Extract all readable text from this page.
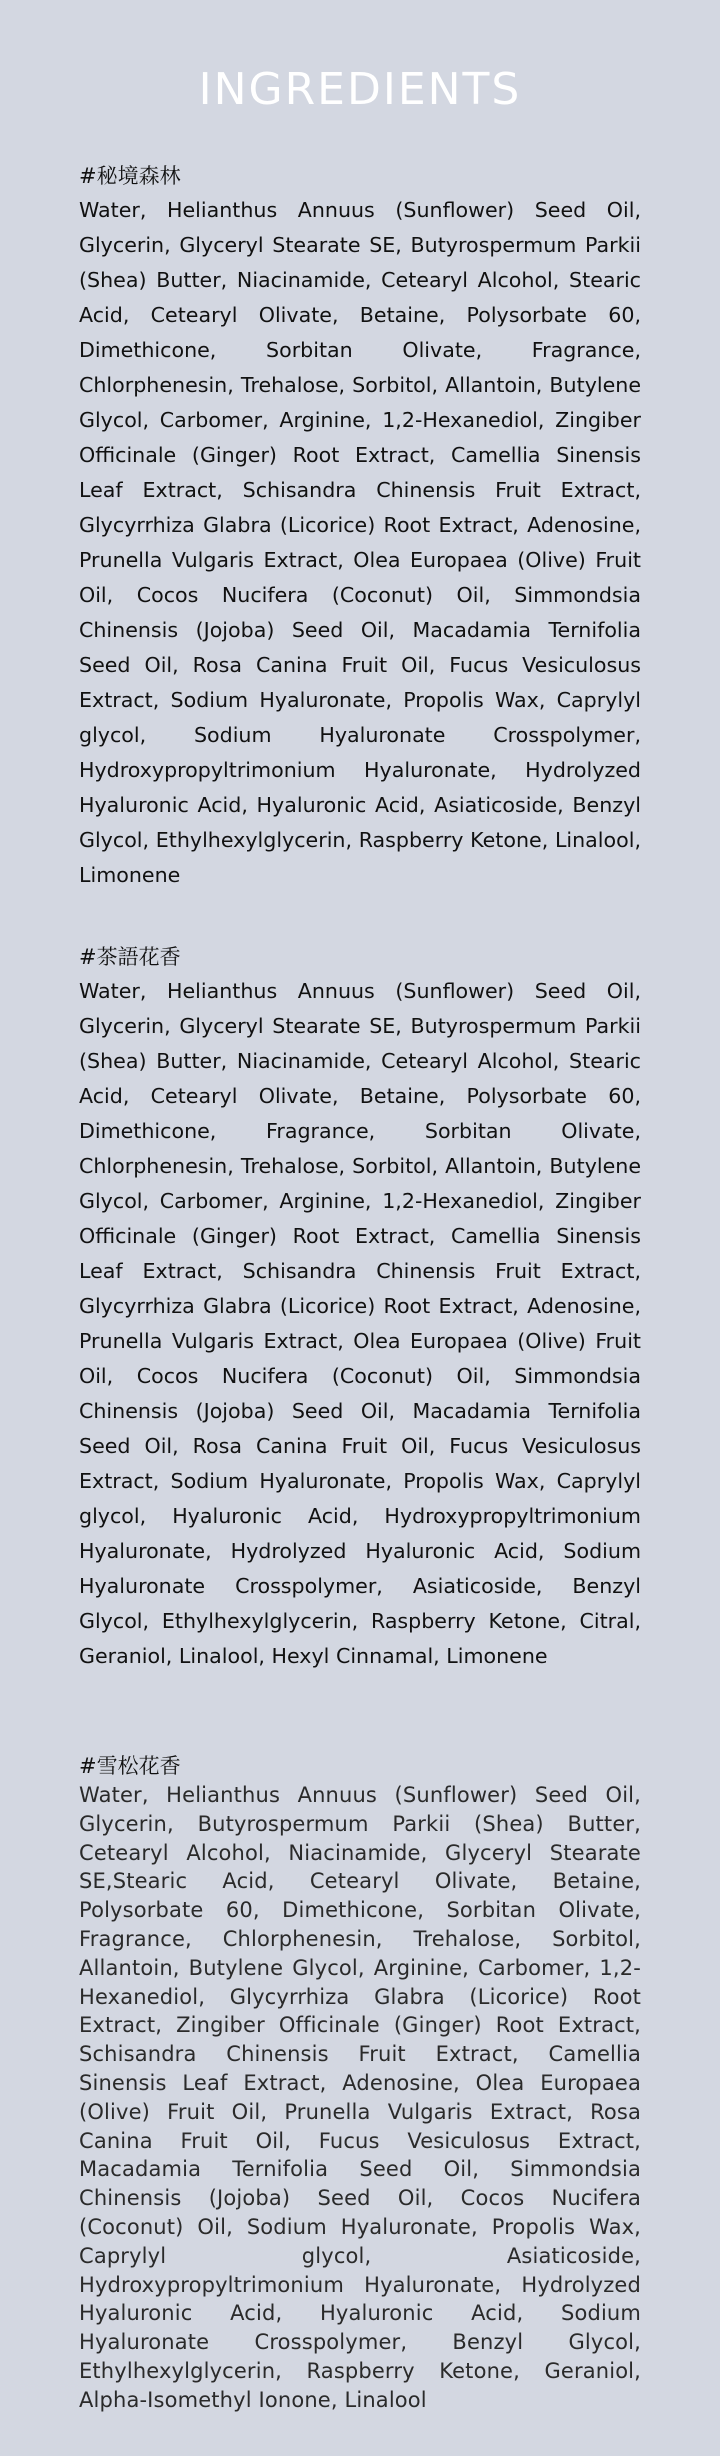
INGREDIENTS

#秘境森林

Water, Helianthus Annuus (Sunflower) Seed Oil, Glycerin, Glyceryl Stearate SE, Butyrospermum Parkii (Shea) Butter, Niacinamide, Cetearyl Alcohol, Stearic Acid, Cetearyl Olivate, Betaine, Polysorbate 60, Dimethicone, Sorbitan Olivate, Fragrance, Chlorphenesin, Trehalose, Sorbitol, Allantoin, Butylene Glycol, Carbomer, Arginine, 1,2-Hexanediol, Zingiber Officinale (Ginger) Root Extract, Camellia Sinensis Leaf Extract, Schisandra Chinensis Fruit Extract, Glycyrrhiza Glabra (Licorice) Root Extract, Adenosine, Prunella Vulgaris Extract, Olea Europaea (Olive) Fruit Oil, Cocos Nucifera (Coconut) Oil, Simmondsia Chinensis (Jojoba) Seed Oil, Macadamia Ternifolia Seed Oil, Rosa Canina Fruit Oil, Fucus Vesiculosus Extract, Sodium Hyaluronate, Propolis Wax, Caprylyl glycol, Sodium Hyaluronate Crosspolymer, Hydroxypropyltrimonium Hyaluronate, Hydrolyzed Hyaluronic Acid, Hyaluronic Acid, Asiaticoside, Benzyl Glycol, Ethylhexylglycerin, Raspberry Ketone, Linalool, Limonene

#茶語花香

Water, Helianthus Annuus (Sunflower) Seed Oil, Glycerin, Glyceryl Stearate SE, Butyrospermum Parkii (Shea) Butter, Niacinamide, Cetearyl Alcohol, Stearic Acid, Cetearyl Olivate, Betaine, Polysorbate 60, Dimethicone, Fragrance, Sorbitan Olivate, Chlorphenesin, Trehalose, Sorbitol, Allantoin, Butylene Glycol, Carbomer, Arginine, 1,2-Hexanediol, Zingiber Officinale (Ginger) Root Extract, Camellia Sinensis Leaf Extract, Schisandra Chinensis Fruit Extract, Glycyrrhiza Glabra (Licorice) Root Extract, Adenosine, Prunella Vulgaris Extract, Olea Europaea (Olive) Fruit Oil, Cocos Nucifera (Coconut) Oil, Simmondsia Chinensis (Jojoba) Seed Oil, Macadamia Ternifolia Seed Oil, Rosa Canina Fruit Oil, Fucus Vesiculosus Extract, Sodium Hyaluronate, Propolis Wax, Caprylyl glycol, Hyaluronic Acid, Hydroxypropyltrimonium Hyaluronate, Hydrolyzed Hyaluronic Acid, Sodium Hyaluronate Crosspolymer, Asiaticoside, Benzyl Glycol, Ethylhexylglycerin, Raspberry Ketone, Citral, Geraniol, Linalool, Hexyl Cinnamal, Limonene

#雪松花香

Water, Helianthus Annuus (Sunflower) Seed Oil, Glycerin, Butyrospermum Parkii (Shea) Butter, Cetearyl Alcohol, Niacinamide, Glyceryl Stearate SE,Stearic Acid, Cetearyl Olivate, Betaine, Polysorbate 60, Dimethicone, Sorbitan Olivate, Fragrance, Chlorphenesin, Trehalose, Sorbitol, Allantoin, Butylene Glycol, Arginine, Carbomer, 1,2-Hexanediol, Glycyrrhiza Glabra (Licorice) Root Extract, Zingiber Officinale (Ginger) Root Extract, Schisandra Chinensis Fruit Extract, Camellia Sinensis Leaf Extract, Adenosine, Olea Europaea (Olive) Fruit Oil, Prunella Vulgaris Extract, Rosa Canina Fruit Oil, Fucus Vesiculosus Extract, Macadamia Ternifolia Seed Oil, Simmondsia Chinensis (Jojoba) Seed Oil, Cocos Nucifera (Coconut) Oil, Sodium Hyaluronate, Propolis Wax, Caprylyl glycol, Asiaticoside, Hydroxypropyltrimonium Hyaluronate, Hydrolyzed Hyaluronic Acid, Hyaluronic Acid, Sodium Hyaluronate Crosspolymer, Benzyl Glycol, Ethylhexylglycerin, Raspberry Ketone, Geraniol, Alpha-Isomethyl Ionone, Linalool
